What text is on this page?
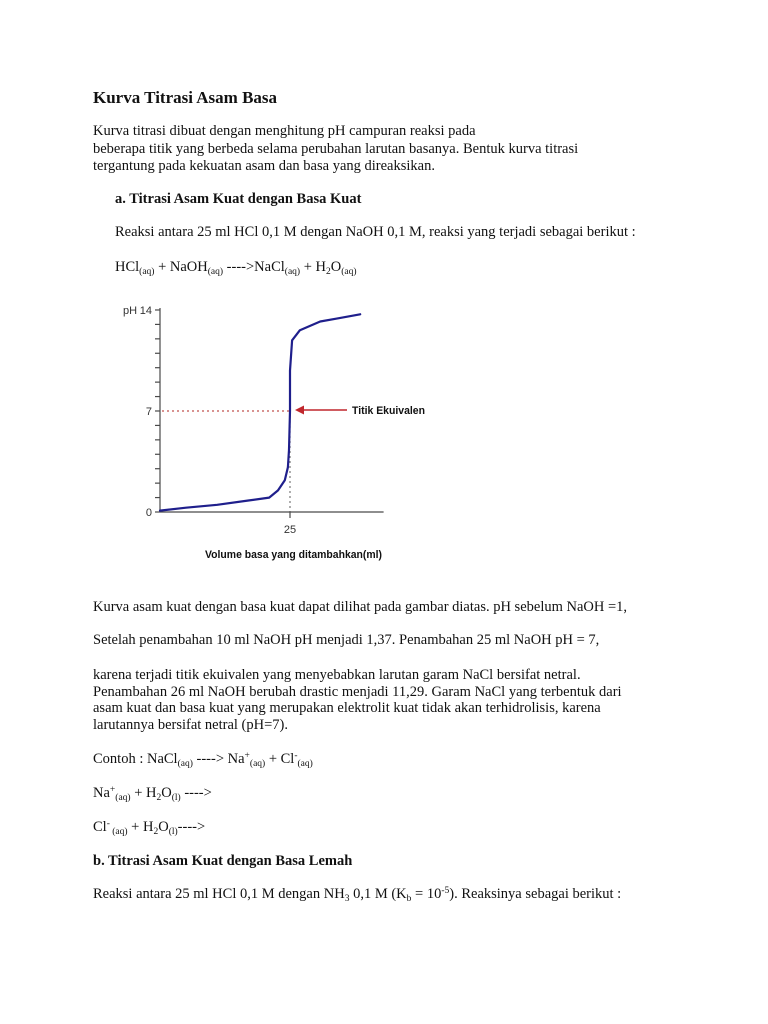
Kurva Titrasi Asam Basa
Kurva titrasi dibuat dengan menghitung pH campuran reaksi pada
beberapa titik yang berbeda selama perubahan larutan basanya. Bentuk kurva titrasi
tergantung pada kekuatan asam dan basa yang direaksikan.
a. Titrasi Asam Kuat dengan Basa Kuat
Reaksi antara 25 ml HCl 0,1 M dengan NaOH 0,1 M, reaksi yang terjadi sebagai berikut :
HCl$_{(aq)}$ + NaOH$_{(aq)}$ ---->NaCl$_{(aq)}$ + $H_2O_{(aq)}$
25
0
7
14
pH
Volume basa yang ditambahkan(ml)
Titik Ekuivalen
Kurva asam kuat dengan basa kuat dapat dilihat pada gambar diatas. pH sebelum NaOH =1,
Setelah penambahan 10 ml NaOH pH menjadi 1,37. Penambahan 25 ml NaOH pH = 7,
karena terjadi titik ekuivalen yang menyebabkan larutan garam NaCl bersifat netral.
Penambahan 26 ml NaOH berubah drastic menjadi 11,29. Garam NaCl yang terbentuk dari
asam kuat dan basa kuat yang merupakan elektrolit kuat tidak akan terhidrolisis, karena
larutannya bersifat netral (pH=7).
Contoh : NaCl$_{(aq)}$ ----> $Na^+_{(aq)} + Cl^-_{(aq)}$
$Na^+_{(aq)} + H_2O_{(l)}$ ---->
Cl- $_{(aq)} + H_2O_{(l)}---->$
b. Titrasi Asam Kuat dengan Basa Lemah
Reaksi antara 25 ml HCl 0,1 M dengan $NH_3$ 0,1 M $(K_b = 10^{-5})$. Reaksinya sebagai berikut :
